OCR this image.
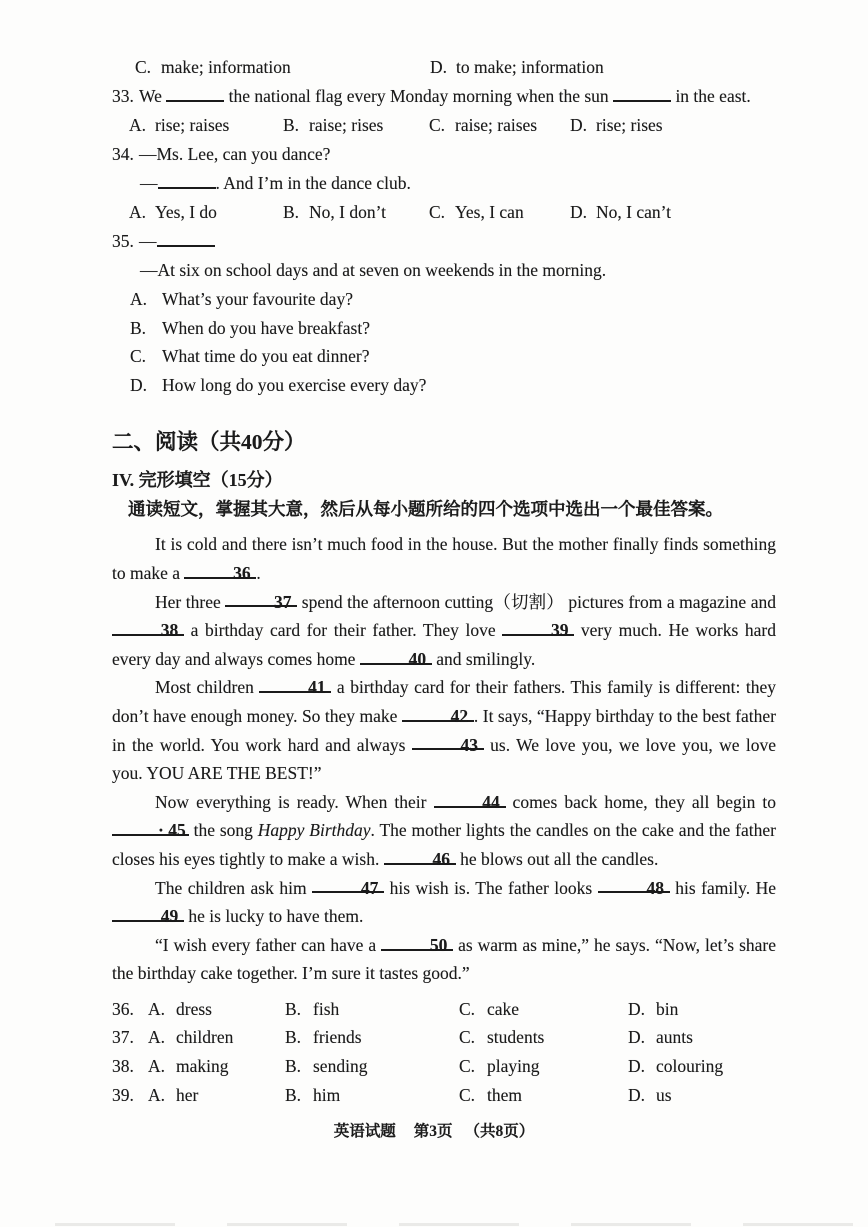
C. make; information	D. to make; information
33. We	the national flag every Monday morning when the sun	in the east.
A. rise; raises	B. raise; rises	C. raise; raises	D. rise; rises
34. —Ms. Lee, can you dance?
—	. And I’m in the dance club.
A. Yes, I do	B. No, I don’t	C. Yes, I can	D. No, I can’t
35. —
—At six on school days and at seven on weekends in the morning.
A. What’s your favourite day?
B. When do you have breakfast?
C. What time do you eat dinner?
D. How long do you exercise every day?
二、阅读（共40分）
IV. 完形填空（15分）
通读短文，掌握其大意，然后从每小题所给的四个选项中选出一个最佳答案。

It is cold and there isn’t much food in the house. But the mother finally finds something to make a	36 .

Her three	37 spend the afternoon cutting（切割） pictures from a magazine and 38 a birthday card for their father. They love	39 very much. He works hard every day and always comes home	40 and smilingly.

Most children	41 a birthday card for their fathers. This family is different: they don’t have enough money. So they make	42 . It says, “Happy birthday to the best father in the world. You work hard and always	43 us. We love you, we love you, we love you. YOU ARE THE BEST!”

Now everything is ready. When their	44 comes back home, they all begin to · 45 the song Happy Birthday. The mother lights the candles on the cake and the father closes his eyes tightly to make a wish.	46 he blows out all the candles.

The children ask him	47 his wish is. The father looks	48 his family. He 49 he is lucky to have them.

“I wish every father can have a	50 as warm as mine,” he says. “Now, let’s share the birthday cake together. I’m sure it tastes good.”

36. A. dress	B. fish	C. cake	D. bin
37. A. children	B. friends	C. students	D. aunts
38. A. making	B. sending	C. playing	D. colouring
39. A. her	B. him	C. them	D. us
英语试题 第3页 （共8页）
